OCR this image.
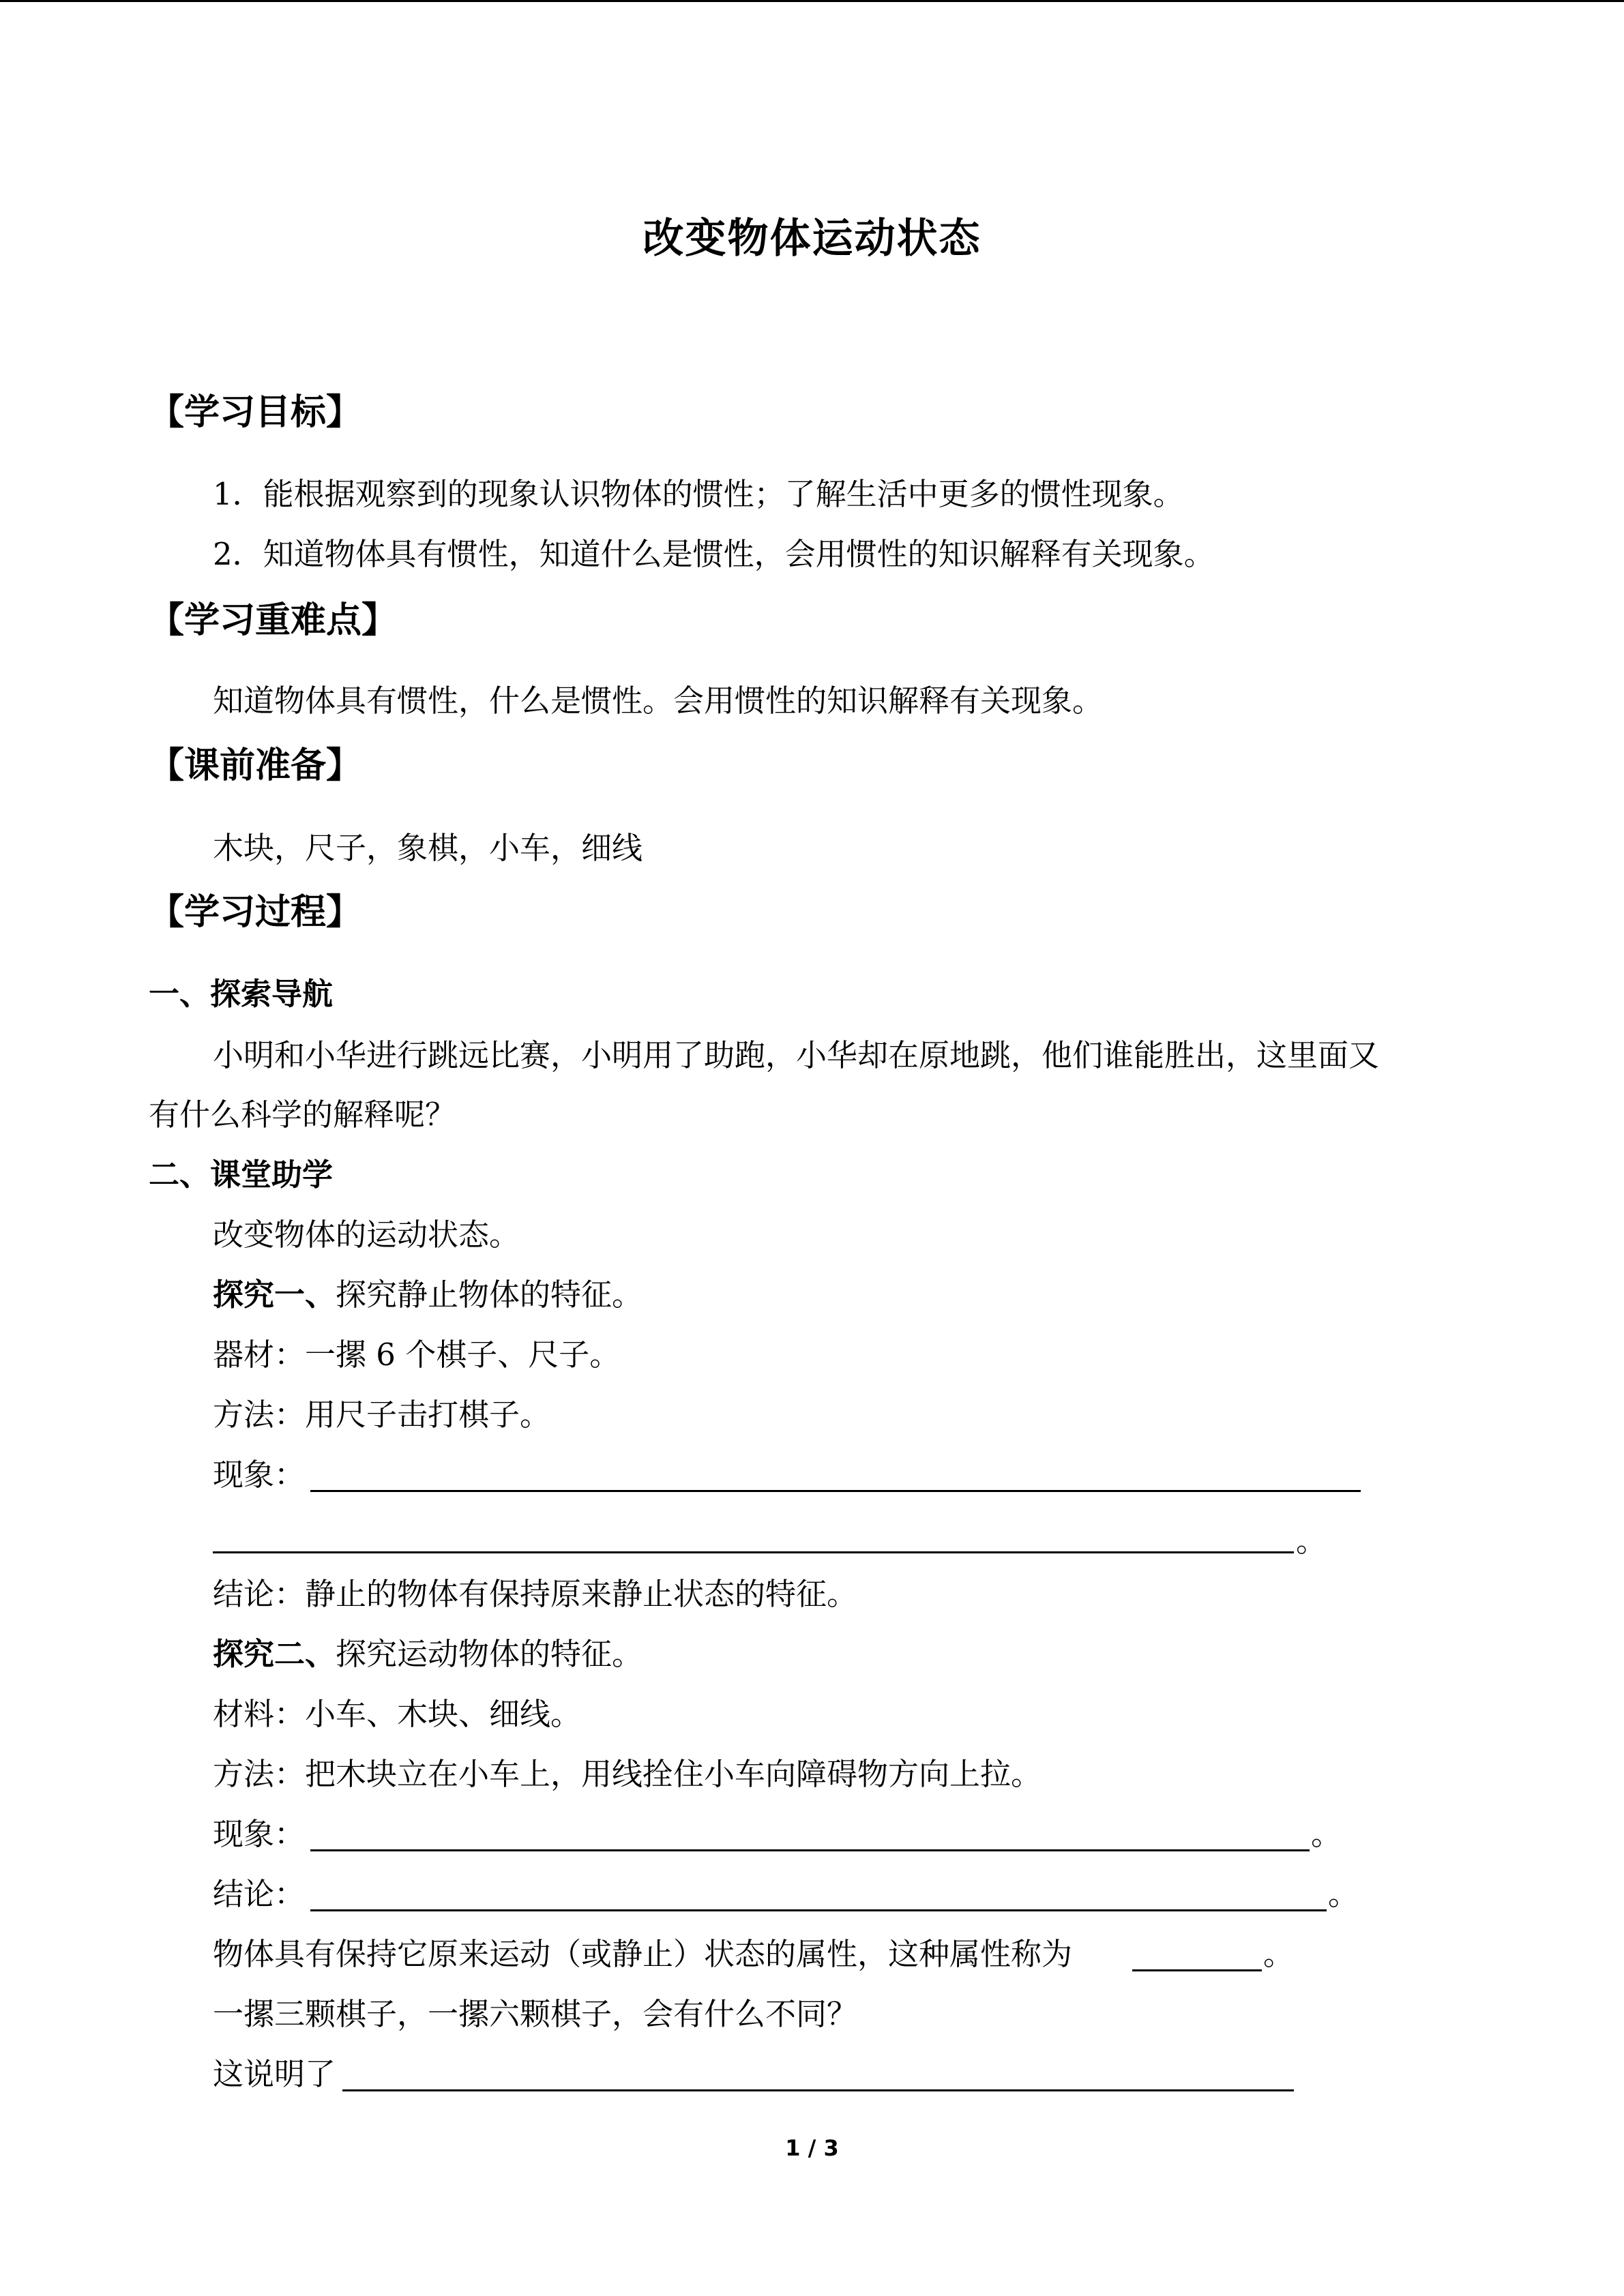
改变物体运动状态
【学习目标】
1．能根据观察到的现象认识物体的惯性；了解生活中更多的惯性现象。
2．知道物体具有惯性，知道什么是惯性，会用惯性的知识解释有关现象。
【学习重难点】
知道物体具有惯性，什么是惯性。会用惯性的知识解释有关现象。
【课前准备】
木块，尺子，象棋，小车，细线
【学习过程】
一、探索导航
小明和小华进行跳远比赛，小明用了助跑，小华却在原地跳，他们谁能胜出，这里面又
有什么科学的解释呢？
二、课堂助学
改变物体的运动状态。
探究一、探究静止物体的特征。
器材：一摞 6 个棋子、尺子。
方法：用尺子击打棋子。
现象：
。
结论：静止的物体有保持原来静止状态的特征。
探究二、探究运动物体的特征。
材料：小车、木块、细线。
方法：把木块立在小车上，用线拴住小车向障碍物方向上拉。
现象：	。
结论：	。
物体具有保持它原来运动（或静止）状态的属性，这种属性称为	。
一摞三颗棋子，一摞六颗棋子，会有什么不同？
这说明了
1 / 3
